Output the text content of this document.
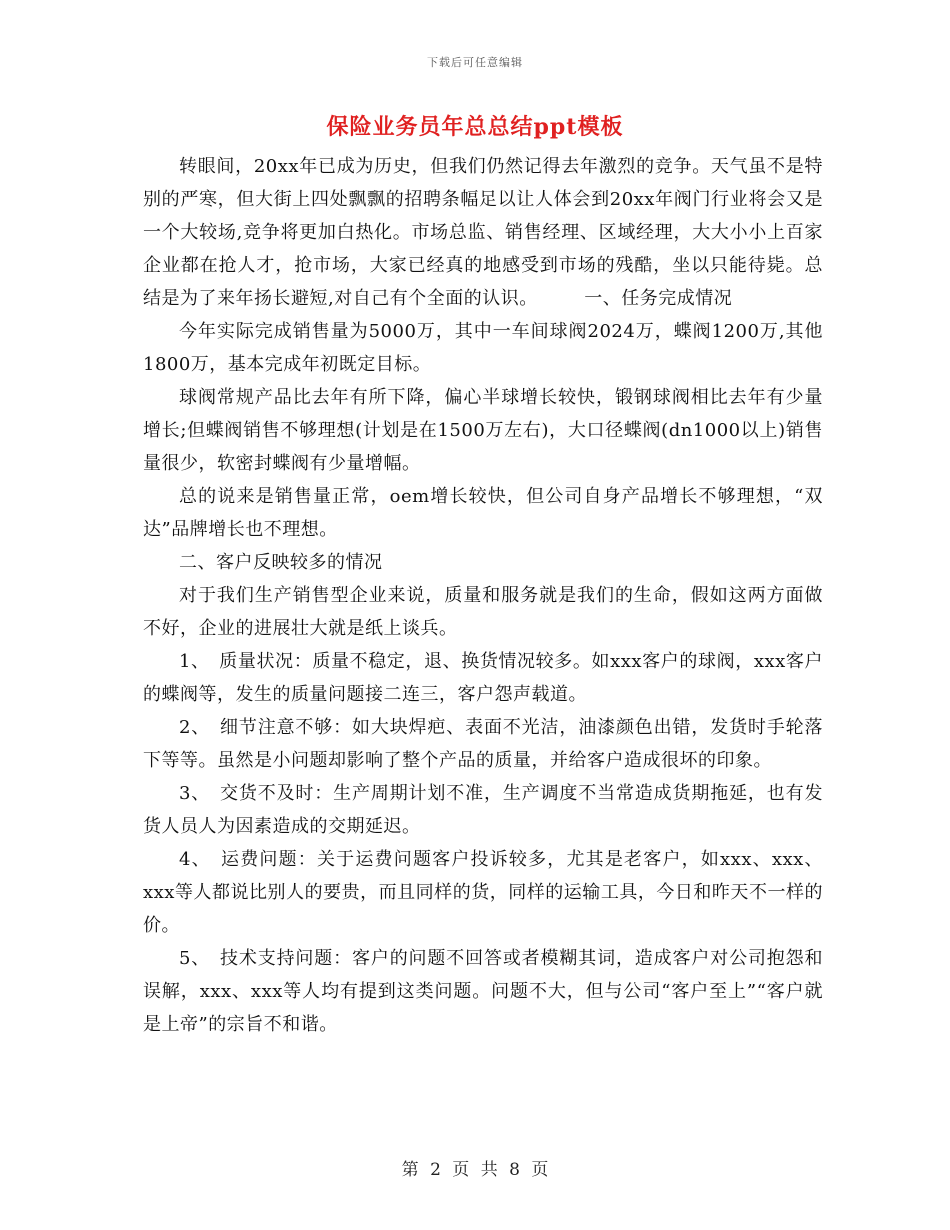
下载后可任意编辑
保险业务员年总总结ppt模板

转眼间，20xx年已成为历史，但我们仍然记得去年激烈的竞争。天气虽不是特别的严寒，但大街上四处飘飘的招聘条幅足以让人体会到20xx年阀门行业将会又是一个大较场,竞争将更加白热化。市场总监、销售经理、区域经理，大大小小上百家企业都在抢人才，抢市场，大家已经真的地感受到市场的残酷，坐以只能待毙。总结是为了来年扬长避短,对自己有个全面的认识。　　　一、任务完成情况

今年实际完成销售量为5000万，其中一车间球阀2024万，蝶阀1200万,其他1800万，基本完成年初既定目标。

球阀常规产品比去年有所下降，偏心半球增长较快，锻钢球阀相比去年有少量增长;但蝶阀销售不够理想(计划是在1500万左右)，大口径蝶阀(dn1000以上)销售量很少，软密封蝶阀有少量增幅。

总的说来是销售量正常，oem增长较快，但公司自身产品增长不够理想，“双达”品牌增长也不理想。

二、客户反映较多的情况

对于我们生产销售型企业来说，质量和服务就是我们的生命，假如这两方面做不好，企业的进展壮大就是纸上谈兵。

1、　质量状况：质量不稳定，退、换货情况较多。如xxx客户的球阀，xxx客户的蝶阀等，发生的质量问题接二连三，客户怨声载道。

2、　细节注意不够：如大块焊疤、表面不光洁，油漆颜色出错，发货时手轮落下等等。虽然是小问题却影响了整个产品的质量，并给客户造成很坏的印象。

3、　交货不及时：生产周期计划不准，生产调度不当常造成货期拖延，也有发货人员人为因素造成的交期延迟。

4、　运费问题：关于运费问题客户投诉较多，尤其是老客户，如xxx、xxx、xxx等人都说比别人的要贵，而且同样的货，同样的运输工具，今日和昨天不一样的价。

5、　技术支持问题：客户的问题不回答或者模糊其词，造成客户对公司抱怨和误解，xxx、xxx等人均有提到这类问题。问题不大，但与公司“客户至上”“客户就是上帝”的宗旨不和谐。

第 2 页 共 8 页
